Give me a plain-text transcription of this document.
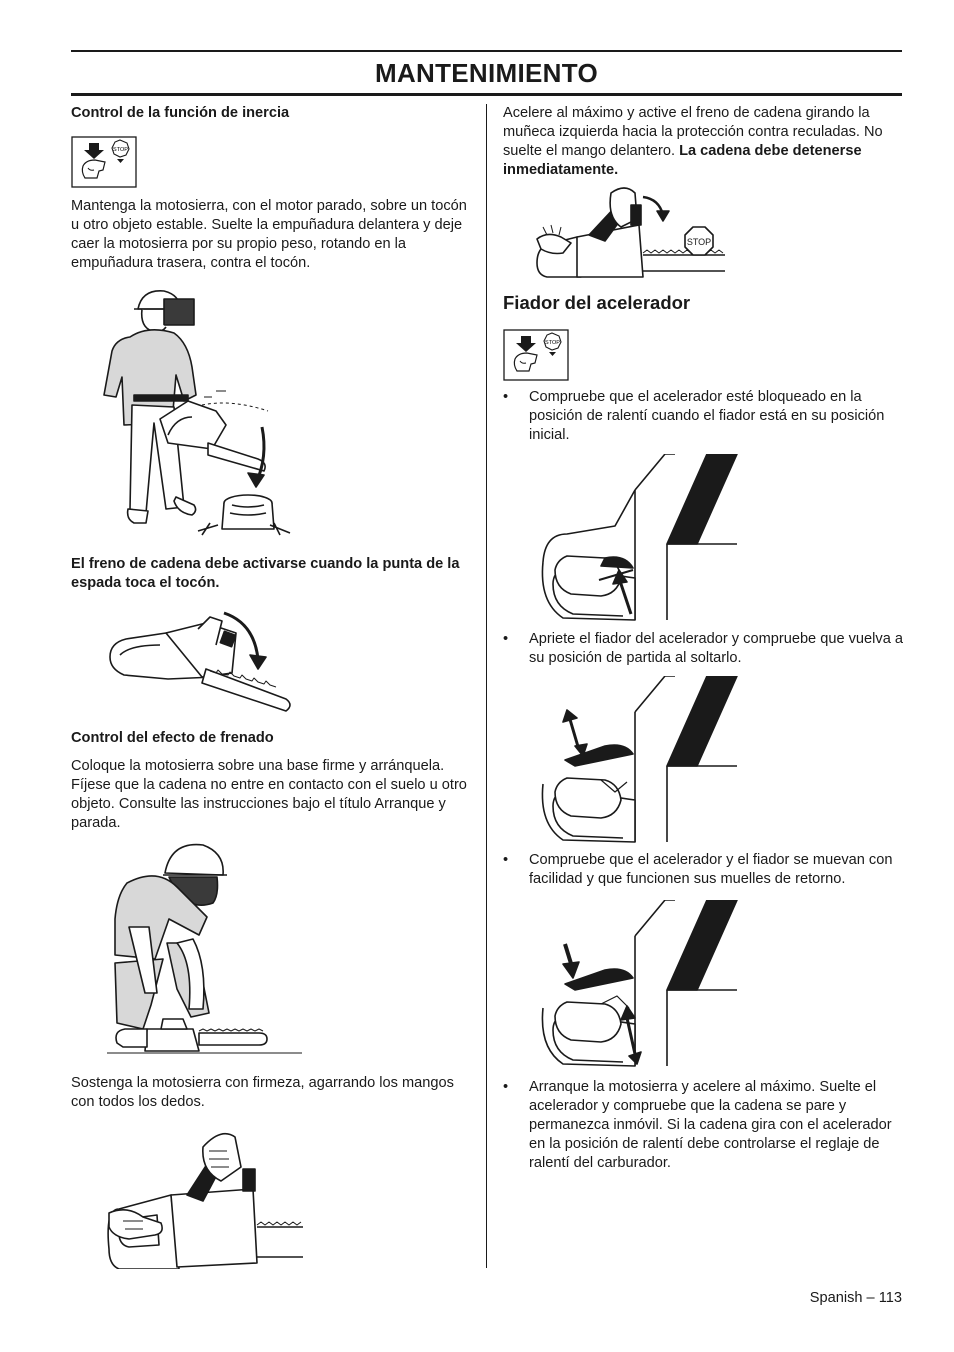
MANTENIMIENTO
Control de la función de inercia
STOP

Mantenga la motosierra, con el motor parado, sobre un tocón u otro objeto estable. Suelte la empuñadura delantera y deje caer la motosierra por su propio peso, rotando en la empuñadura trasera, contra el tocón.

El freno de cadena debe activarse cuando la punta de la espada toca el tocón.

Control del efecto de frenado

Coloque la motosierra sobre una base firme y arránquela. Fíjese que la cadena no entre en contacto con el suelo u otro objeto. Consulte las instrucciones bajo el título Arranque y parada.

Sostenga la motosierra con firmeza, agarrando los mangos con todos los dedos.

Acelere al máximo y active el freno de cadena girando la muñeca izquierda hacia la protección contra reculadas. No suelte el mango delantero. La cadena debe detenerse inmediatamente.

STOP
Fiador del acelerador
STOP
• Compruebe que el acelerador esté bloqueado en la posición de ralentí cuando el fiador está en su posición inicial.
• Apriete el fiador del acelerador y compruebe que vuelva a su posición de partida al soltarlo.
• Compruebe que el acelerador y el fiador se muevan con facilidad y que funcionen sus muelles de retorno.
• Arranque la motosierra y acelere al máximo. Suelte el acelerador y compruebe que la cadena se pare y permanezca inmóvil. Si la cadena gira con el acelerador en la posición de ralentí debe controlarse el reglaje de ralentí del carburador.
Spanish – 113
